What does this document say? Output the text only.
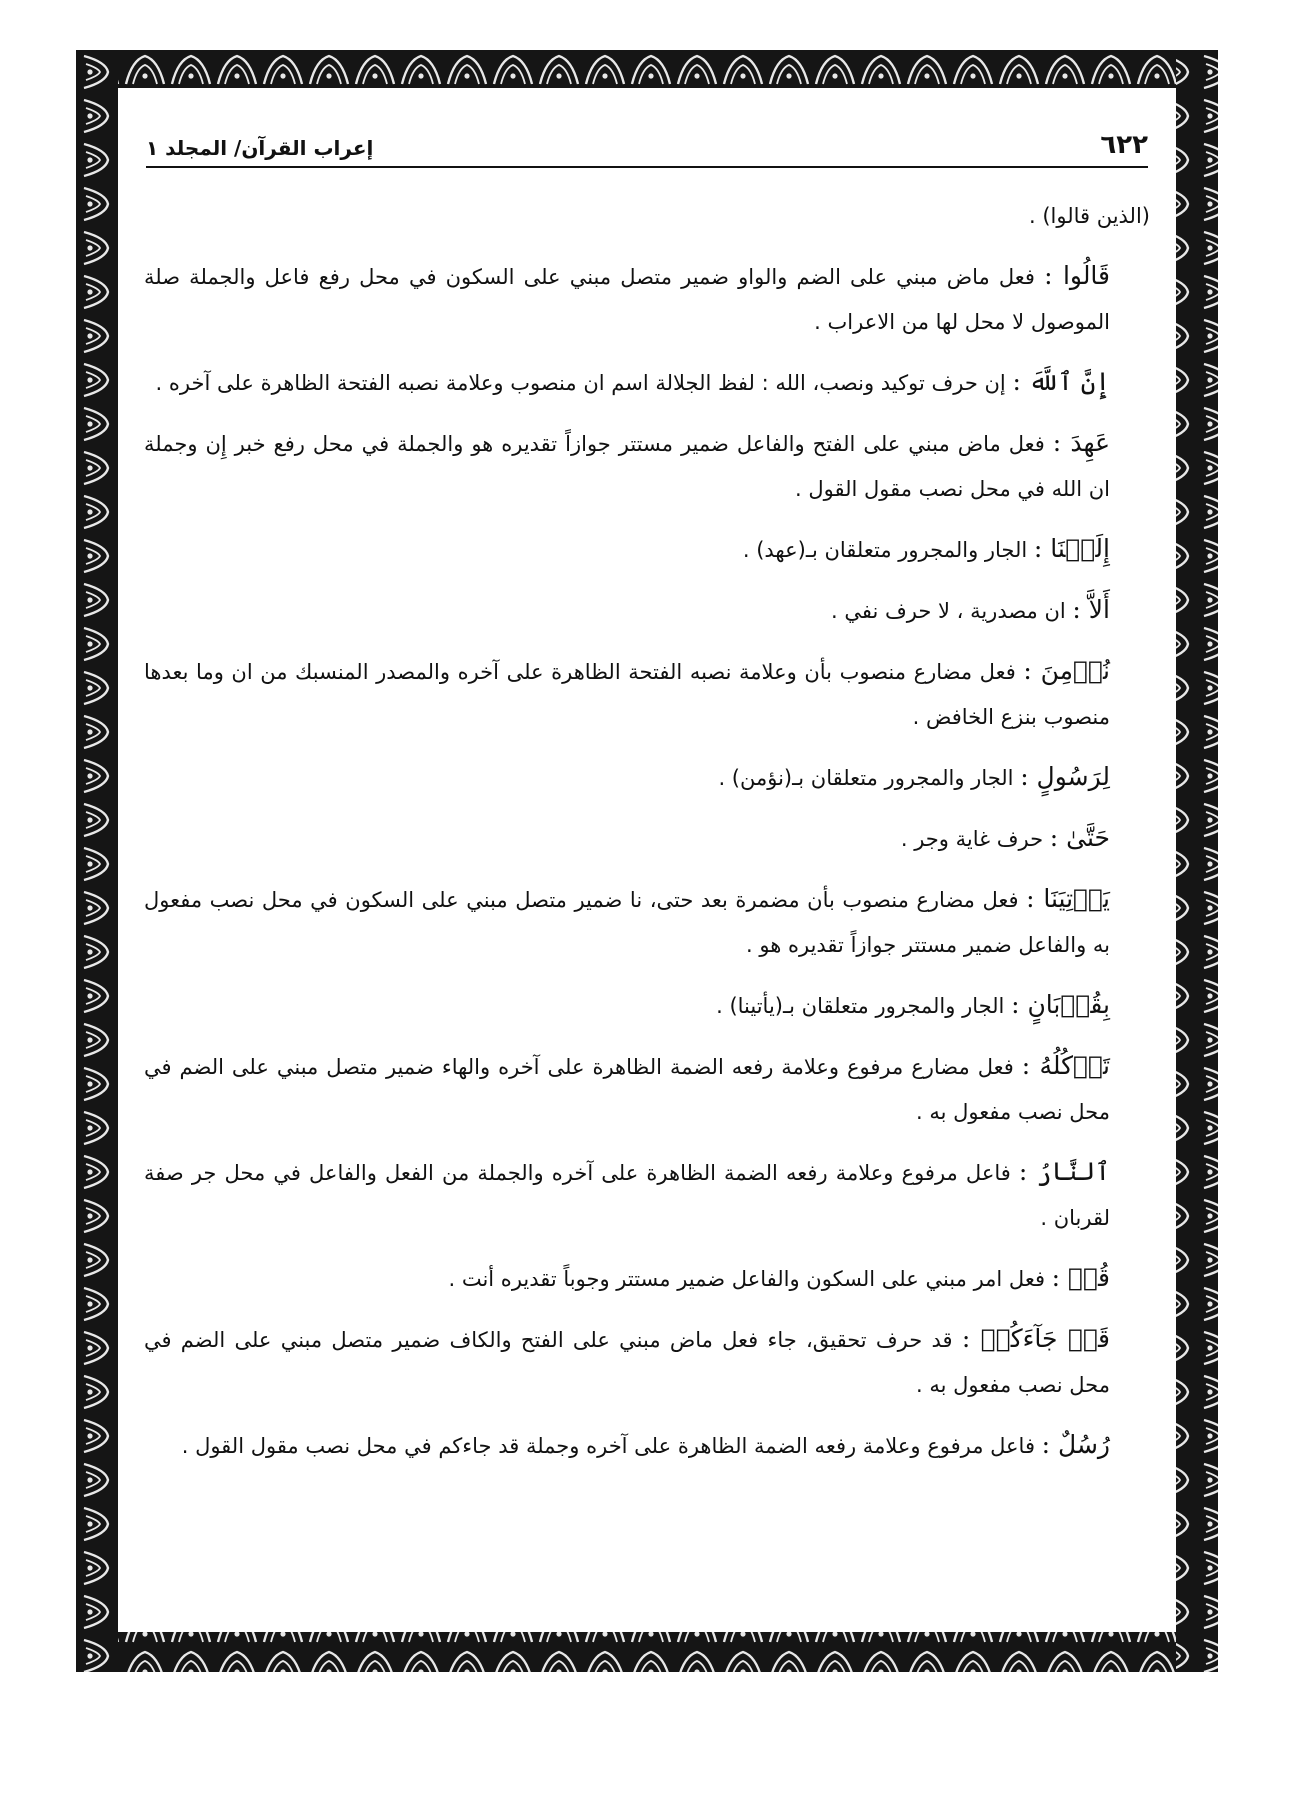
٦٢٢
إعراب القرآن/ المجلد ١

(الذين قالوا) .

قَالُوا : فعل ماض مبني على الضم والواو ضمير متصل مبني على السكون في محل رفع فاعل والجملة صلة الموصول لا محل لها من الاعراب .

إِنَّ ٱللَّهَ : إن حرف توكيد ونصب، الله : لفظ الجلالة اسم ان منصوب وعلامة نصبه الفتحة الظاهرة على آخره .

عَهِدَ : فعل ماض مبني على الفتح والفاعل ضمير مستتر جوازاً تقديره هو والجملة في محل رفع خبر إِن وجملة ان الله في محل نصب مقول القول .

إِلَيۡنَا : الجار والمجرور متعلقان بـ(عهد) .

أَلاَّ : ان مصدرية ، لا حرف نفي .

نُؤۡمِنَ : فعل مضارع منصوب بأن وعلامة نصبه الفتحة الظاهرة على آخره والمصدر المنسبك من ان وما بعدها منصوب بنزع الخافض .

لِرَسُولٍ : الجار والمجرور متعلقان بـ(نؤمن) .

حَتَّىٰ : حرف غاية وجر .

يَأۡتِيَنَا : فعل مضارع منصوب بأن مضمرة بعد حتى، نا ضمير متصل مبني على السكون في محل نصب مفعول به والفاعل ضمير مستتر جوازاً تقديره هو .

بِقُرۡبَانٍ : الجار والمجرور متعلقان بـ(يأتينا) .

تَأۡكُلُهُ : فعل مضارع مرفوع وعلامة رفعه الضمة الظاهرة على آخره والهاء ضمير متصل مبني على الضم في محل نصب مفعول به .

ٱلنَّارُ : فاعل مرفوع وعلامة رفعه الضمة الظاهرة على آخره والجملة من الفعل والفاعل في محل جر صفة لقربان .

قُلۡ : فعل امر مبني على السكون والفاعل ضمير مستتر وجوباً تقديره أنت .

قَدۡ جَآءَكُمۡ : قد حرف تحقيق، جاء فعل ماض مبني على الفتح والكاف ضمير متصل مبني على الضم في محل نصب مفعول به .

رُسُلٌ : فاعل مرفوع وعلامة رفعه الضمة الظاهرة على آخره وجملة قد جاءكم في محل نصب مقول القول .
